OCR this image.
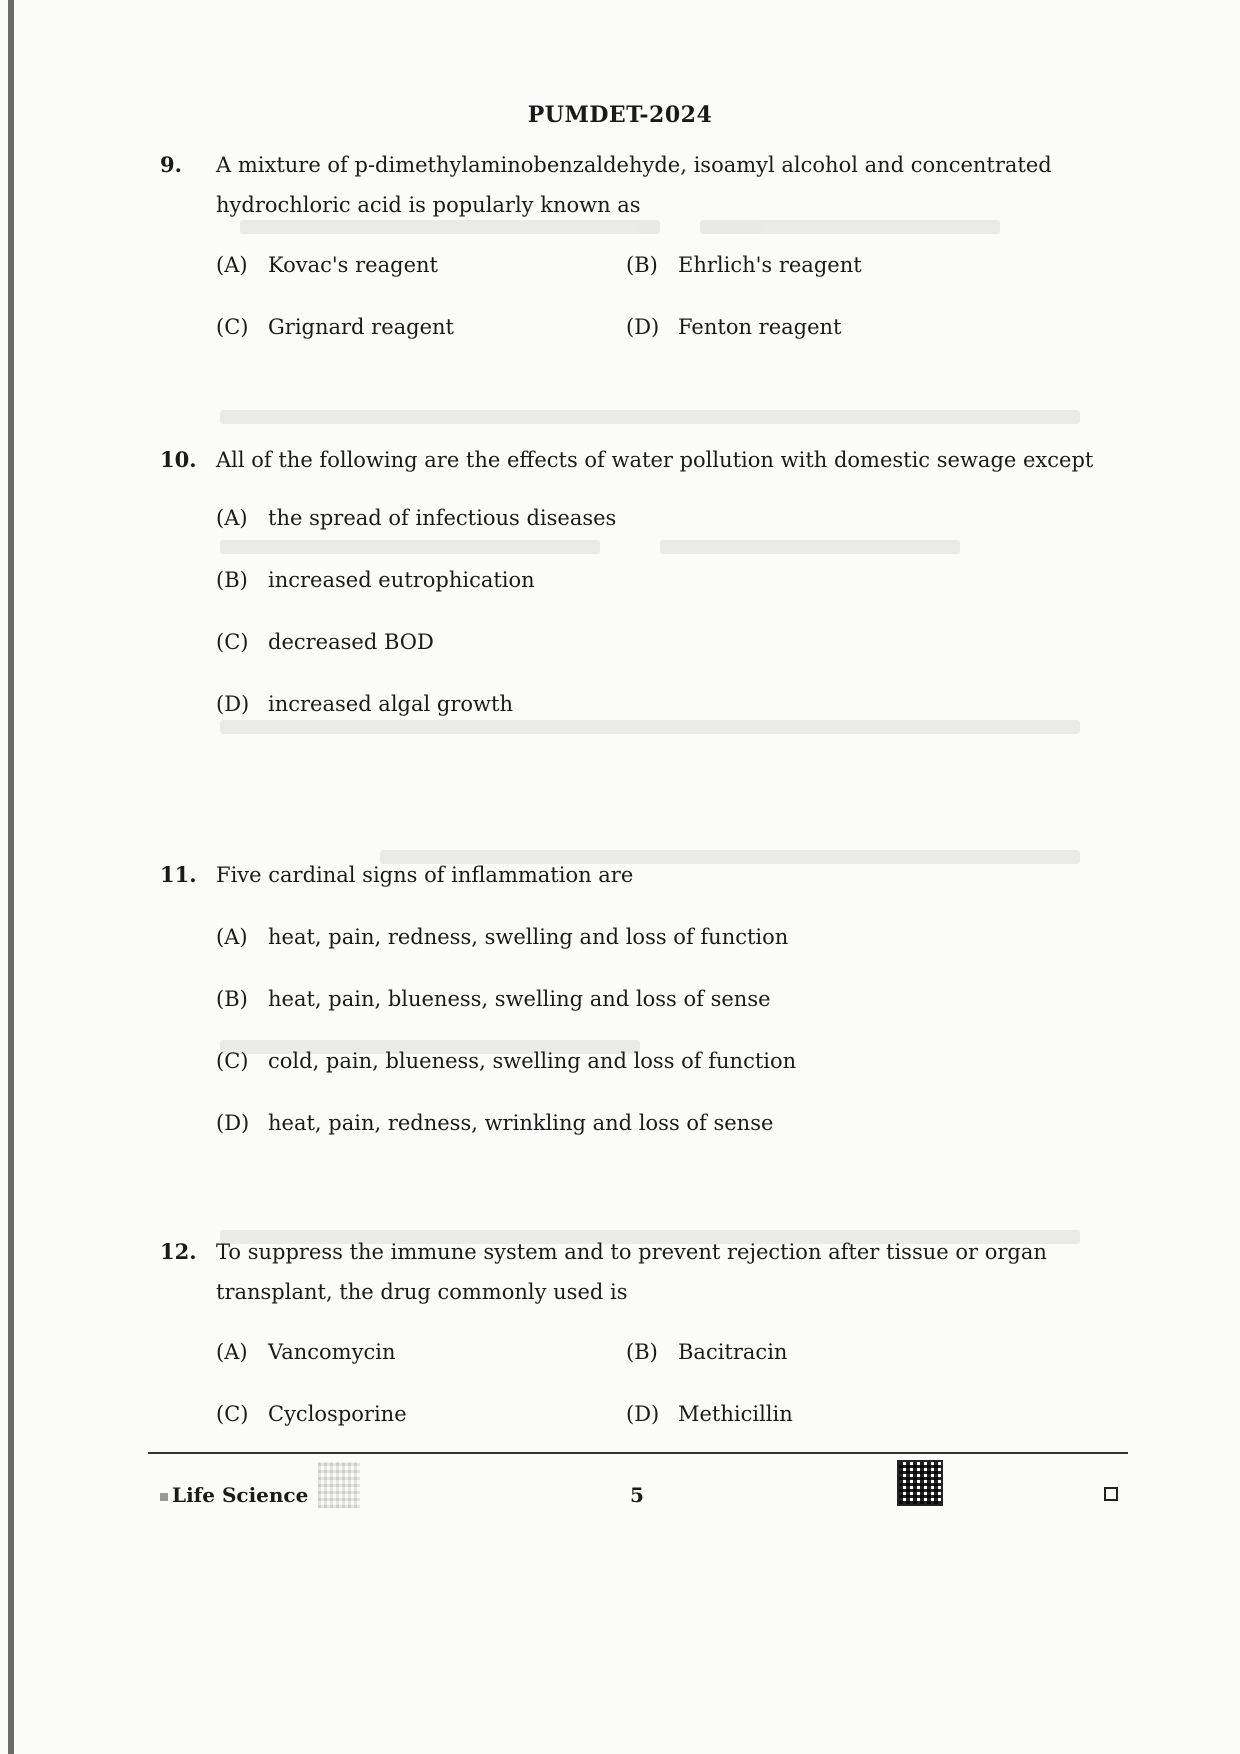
PUMDET-2024
9. A mixture of p-dimethylaminobenzaldehyde, isoamyl alcohol and concentrated hydrochloric acid is popularly known as
(A) Kovac's reagent	(B) Ehrlich's reagent
(C) Grignard reagent	(D) Fenton reagent
10. All of the following are the effects of water pollution with domestic sewage except
(A) the spread of infectious diseases
(B) increased eutrophication
(C) decreased BOD
(D) increased algal growth
11. Five cardinal signs of inflammation are
(A) heat, pain, redness, swelling and loss of function
(B) heat, pain, blueness, swelling and loss of sense
(C) cold, pain, blueness, swelling and loss of function
(D) heat, pain, redness, wrinkling and loss of sense
12. To suppress the immune system and to prevent rejection after tissue or organ transplant, the drug commonly used is
(A) Vancomycin	(B) Bacitracin
(C) Cyclosporine	(D) Methicillin
Life Science	5
